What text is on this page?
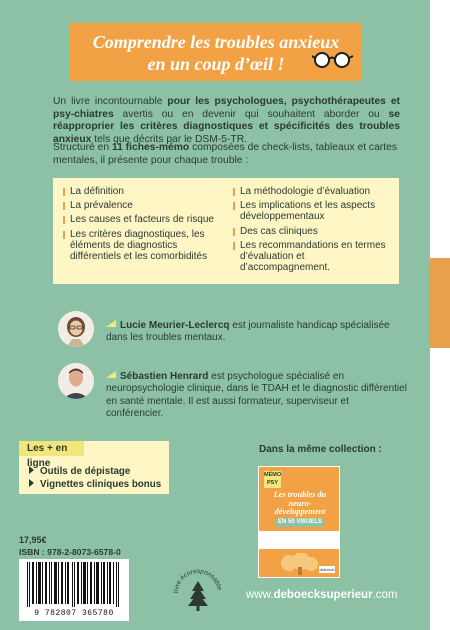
Comprendre les troubles anxieux
en un coup d’œil !

Un livre incontournable pour les psychologues, psychothérapeutes et psy-chiatres avertis ou en devenir qui souhaitent aborder ou se réapproprier les critères diagnostiques et spécificités des troubles anxieux tels que décrits par le DSM-5-TR.

Structuré en 11 fiches-mémo composées de check-lists, tableaux et cartes mentales, il présente pour chaque trouble :

La définition
La prévalence
Les causes et facteurs de risque
Les critères diagnostiques, les éléments de diagnostics différentiels et les comorbidités
La méthodologie d’évaluation
Les implications et les aspects développementaux
Des cas cliniques
Les recommandations en termes d’évaluation et d’accompagnement.
Lucie Meurier-Leclercq est journaliste handicap spécialisée dans les troubles mentaux.
Sébastien Henrard est psychologue spécialisé en neuropsychologie clinique, dans le TDAH et le diagnostic différentiel en santé mentale. Il est aussi formateur, superviseur et conférencier.
Outils de dépistage
Vignettes cliniques bonus
Les + en ligne
Dans la même collection :
MÉMO
PSY
Les troubles du neuro-développement
EN 50 VISUELS
deboeck
17,95€
ISBN : 978-2-8073-6578-0
9 782807 365780
livre écoresponsable
www.deboecksuperieur.com
